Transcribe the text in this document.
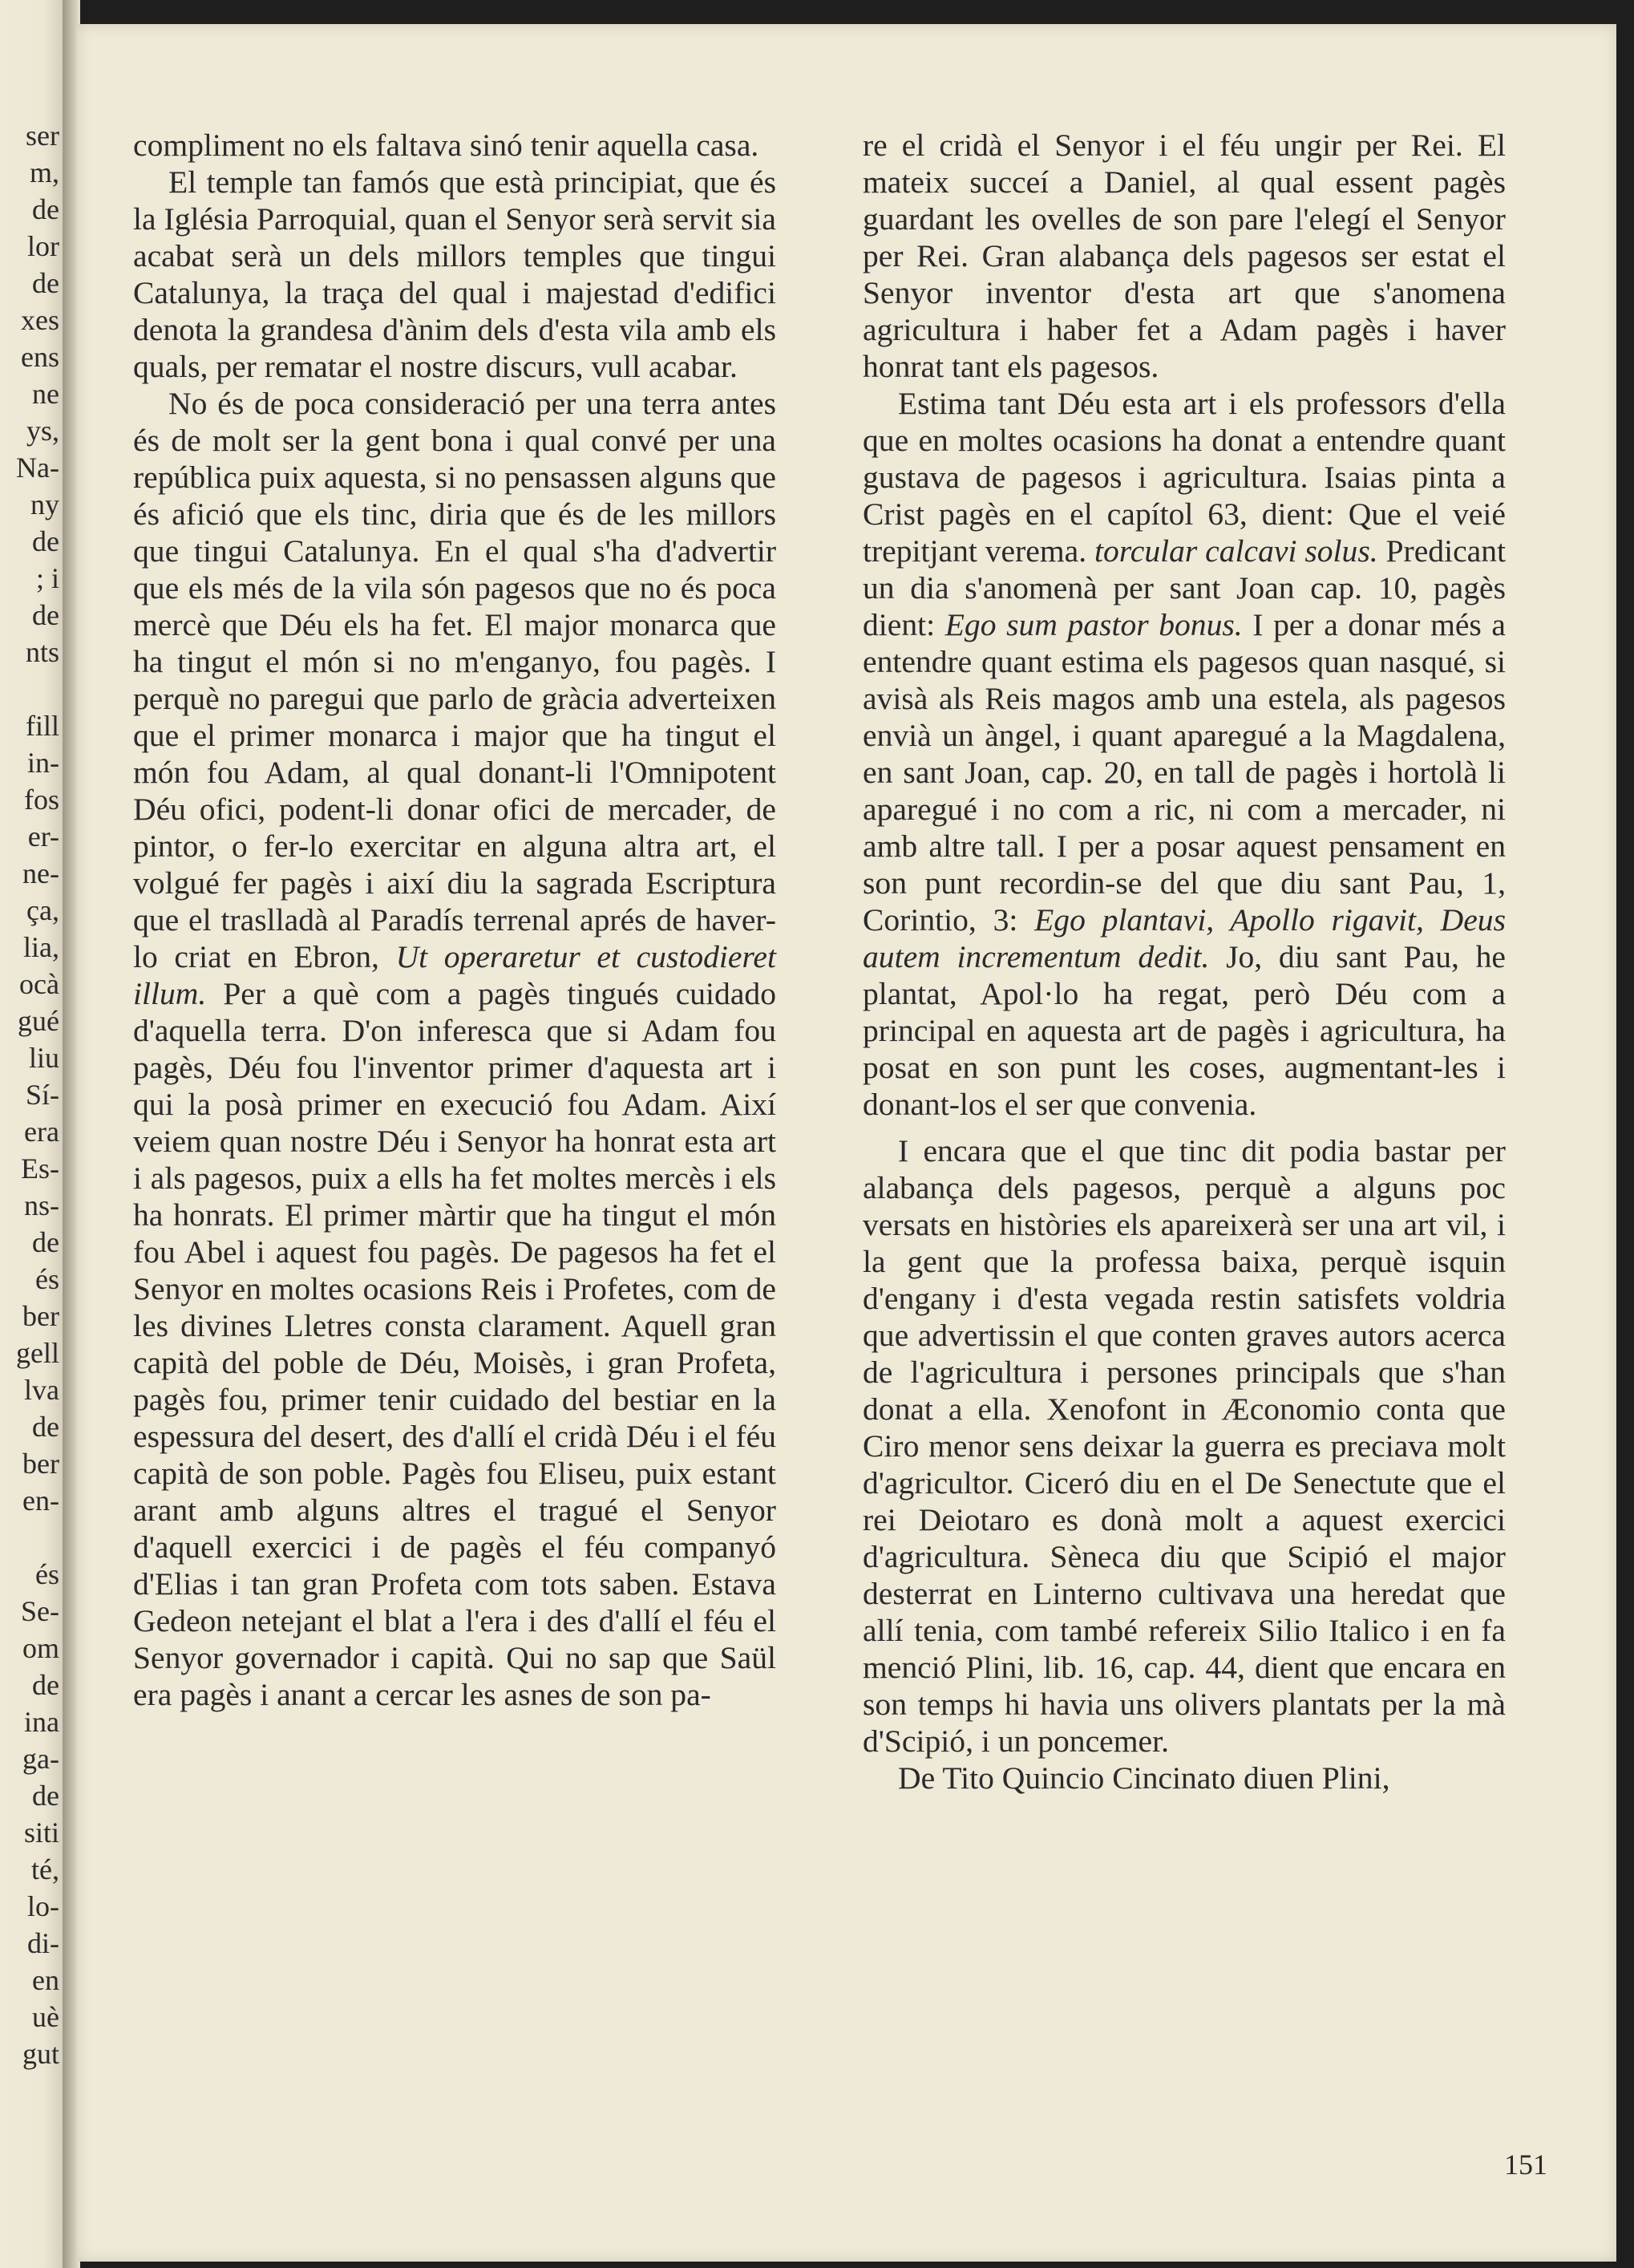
ser
m,
de
lor
de
xes
ens
ne
ys,
Na-
ny
de
; i
de
nts
fill
in-
fos
er-
ne-
ça,
lia,
ocà
gué
liu
Sí-
era
Es-
ns-
de
és
ber
gell
lva
de
ber
en-
és
Se-
om
de
ina
ga-
de
siti
té,
lo-
di-
en
uè
gut

compliment no els faltava sinó tenir aquella casa.

El temple tan famós que està principiat, que és la Iglésia Parroquial, quan el Senyor serà servit sia acabat serà un dels millors temples que tingui Catalunya, la traça del qual i majestad d'edifici denota la grandesa d'ànim dels d'esta vila amb els quals, per rematar el nostre discurs, vull acabar.

No és de poca consideració per una terra antes és de molt ser la gent bona i qual convé per una república puix aquesta, si no pensassen alguns que és afició que els tinc, diria que és de les millors que tingui Catalunya. En el qual s'ha d'advertir que els més de la vila són pagesos que no és poca mercè que Déu els ha fet. El major monarca que ha tingut el món si no m'enganyo, fou pagès. I perquè no paregui que parlo de gràcia adverteixen que el primer monarca i major que ha tingut el món fou Adam, al qual donant-li l'Omnipotent Déu ofici, podent-li donar ofici de mercader, de pintor, o fer-lo exercitar en alguna altra art, el volgué fer pagès i així diu la sagrada Escriptura que el traslladà al Paradís terrenal aprés de haver-lo criat en Ebron, Ut operaretur et custodieret illum. Per a què com a pagès tingués cuidado d'aquella terra. D'on inferesca que si Adam fou pagès, Déu fou l'inventor primer d'aquesta art i qui la posà primer en execució fou Adam. Així veiem quan nostre Déu i Senyor ha honrat esta art i als pagesos, puix a ells ha fet moltes mercès i els ha honrats. El primer màrtir que ha tingut el món fou Abel i aquest fou pagès. De pagesos ha fet el Senyor en moltes ocasions Reis i Profetes, com de les divines Lletres consta clarament. Aquell gran capità del poble de Déu, Moisès, i gran Profeta, pagès fou, primer tenir cuidado del bestiar en la espessura del desert, des d'allí el cridà Déu i el féu capità de son poble. Pagès fou Eliseu, puix estant arant amb alguns altres el tragué el Senyor d'aquell exercici i de pagès el féu companyó d'Elias i tan gran Profeta com tots saben. Estava Gedeon netejant el blat a l'era i des d'allí el féu el Senyor governador i capità. Qui no sap que Saül era pagès i anant a cercar les asnes de son pa-

re el cridà el Senyor i el féu ungir per Rei. El mateix succeí a Daniel, al qual essent pagès guardant les ovelles de son pare l'elegí el Senyor per Rei. Gran alabança dels pagesos ser estat el Senyor inventor d'esta art que s'anomena agricultura i haber fet a Adam pagès i haver honrat tant els pagesos.

Estima tant Déu esta art i els professors d'ella que en moltes ocasions ha donat a entendre quant gustava de pagesos i agricultura. Isaias pinta a Crist pagès en el capítol 63, dient: Que el veié trepitjant verema. torcular calcavi solus. Predicant un dia s'anomenà per sant Joan cap. 10, pagès dient: Ego sum pastor bonus. I per a donar més a entendre quant estima els pagesos quan nasqué, si avisà als Reis magos amb una estela, als pagesos envià un àngel, i quant aparegué a la Magdalena, en sant Joan, cap. 20, en tall de pagès i hortolà li aparegué i no com a ric, ni com a mercader, ni amb altre tall. I per a posar aquest pensament en son punt recordin-se del que diu sant Pau, 1, Corintio, 3: Ego plantavi, Apollo rigavit, Deus autem incrementum dedit. Jo, diu sant Pau, he plantat, Apol·lo ha regat, però Déu com a principal en aquesta art de pagès i agricultura, ha posat en son punt les coses, augmentant-les i donant-los el ser que convenia.

I encara que el que tinc dit podia bastar per alabança dels pagesos, perquè a alguns poc versats en històries els apareixerà ser una art vil, i la gent que la professa baixa, perquè isquin d'engany i d'esta vegada restin satisfets voldria que advertissin el que conten graves autors acerca de l'agricultura i persones principals que s'han donat a ella. Xenofont in Æconomio conta que Ciro menor sens deixar la guerra es preciava molt d'agricultor. Ciceró diu en el De Senectute que el rei Deiotaro es donà molt a aquest exercici d'agricultura. Sèneca diu que Scipió el major desterrat en Linterno cultivava una heredat que allí tenia, com també refereix Silio Italico i en fa menció Plini, lib. 16, cap. 44, dient que encara en son temps hi havia uns olivers plantats per la mà d'Scipió, i un poncemer.

De Tito Quincio Cincinato diuen Plini,

151
